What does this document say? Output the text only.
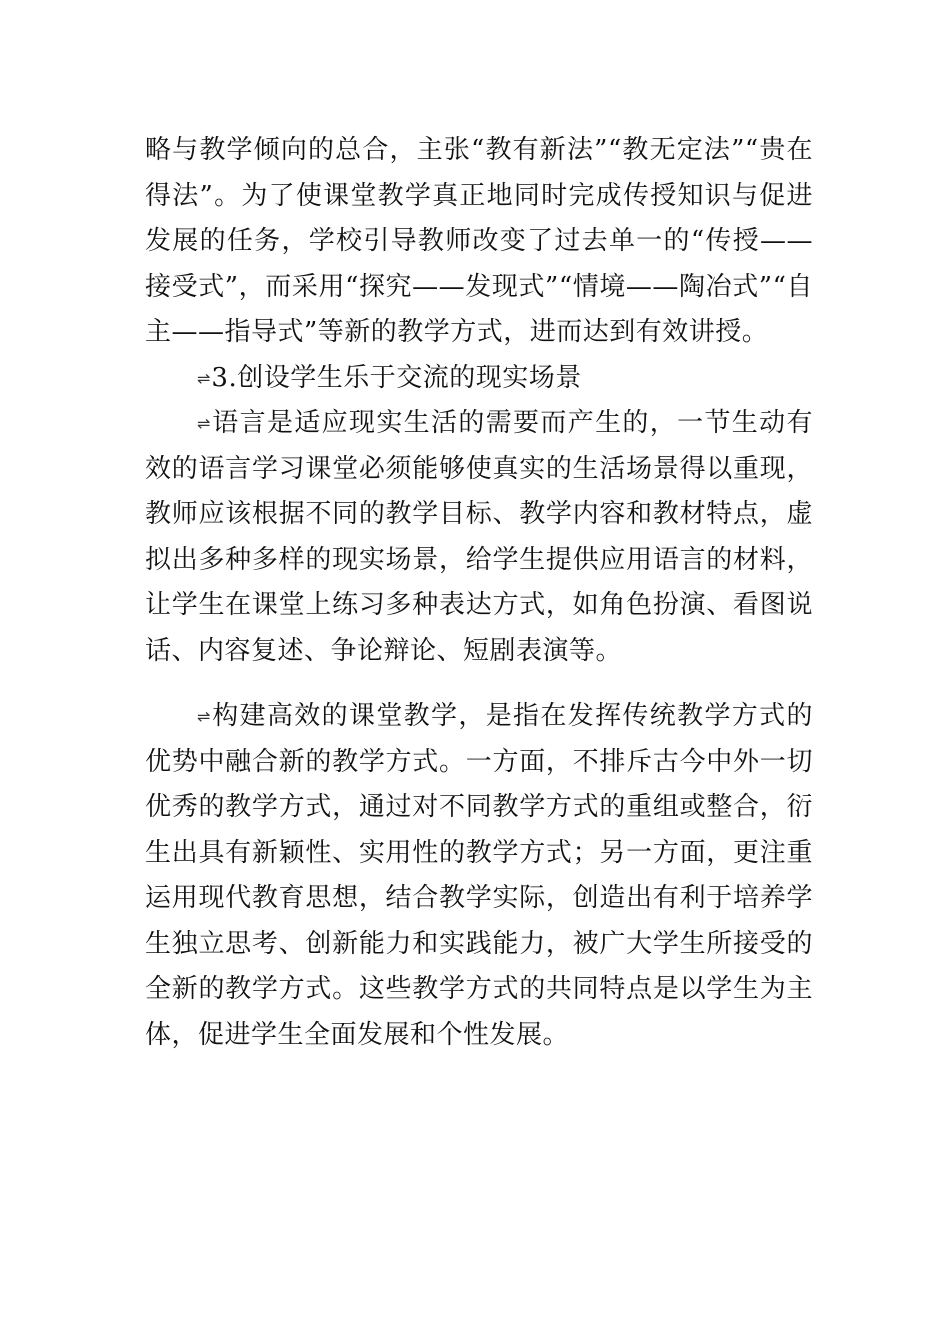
略与教学倾向的总合，主张“教有新法”“教无定法”“贵在得法”。为了使课堂教学真正地同时完成传授知识与促进发展的任务，学校引导教师改变了过去单一的“传授——接受式”，而采用“探究——发现式”“情境——陶冶式”“自主——指导式”等新的教学方式，进而达到有效讲授。

⇌3.创设学生乐于交流的现实场景

⇌语言是适应现实生活的需要而产生的，一节生动有效的语言学习课堂必须能够使真实的生活场景得以重现，教师应该根据不同的教学目标、教学内容和教材特点，虚拟出多种多样的现实场景，给学生提供应用语言的材料，让学生在课堂上练习多种表达方式，如角色扮演、看图说话、内容复述、争论辩论、短剧表演等。

⇌构建高效的课堂教学，是指在发挥传统教学方式的优势中融合新的教学方式。一方面，不排斥古今中外一切优秀的教学方式，通过对不同教学方式的重组或整合，衍生出具有新颖性、实用性的教学方式；另一方面，更注重运用现代教育思想，结合教学实际，创造出有利于培养学生独立思考、创新能力和实践能力，被广大学生所接受的全新的教学方式。这些教学方式的共同特点是以学生为主体，促进学生全面发展和个性发展。
